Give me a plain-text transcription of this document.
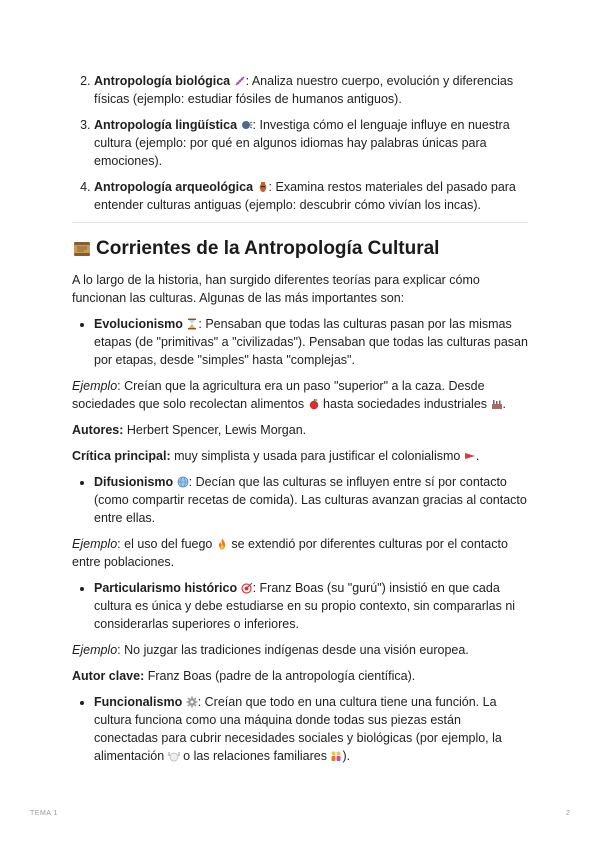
2. Antropología biológica : Analiza nuestro cuerpo, evolución y diferencias físicas (ejemplo: estudiar fósiles de humanos antiguos).
3. Antropología lingüística : Investiga cómo el lenguaje influye en nuestra cultura (ejemplo: por qué en algunos idiomas hay palabras únicas para emociones).
4. Antropología arqueológica : Examina restos materiales del pasado para entender culturas antiguas (ejemplo: descubrir cómo vivían los incas).
Corrientes de la Antropología Cultural

A lo largo de la historia, han surgido diferentes teorías para explicar cómo funcionan las culturas. Algunas de las más importantes son:

• Evolucionismo : Pensaban que todas las culturas pasan por las mismas etapas (de "primitivas" a "civilizadas"). Pensaban que todas las culturas pasan por etapas, desde "simples" hasta "complejas".

Ejemplo: Creían que la agricultura era un paso "superior" a la caza. Desde sociedades que solo recolectan alimentos  hasta sociedades industriales .

Autores: Herbert Spencer, Lewis Morgan.

Crítica principal: muy simplista y usada para justificar el colonialismo .

• Difusionismo : Decían que las culturas se influyen entre sí por contacto (como compartir recetas de comida). Las culturas avanzan gracias al contacto entre ellas.

Ejemplo: el uso del fuego  se extendió por diferentes culturas por el contacto entre poblaciones.

• Particularismo histórico : Franz Boas (su "gurú") insistió en que cada cultura es única y debe estudiarse en su propio contexto, sin compararlas ni considerarlas superiores o inferiores.

Ejemplo: No juzgar las tradiciones indígenas desde una visión europea.

Autor clave: Franz Boas (padre de la antropología científica).

• Funcionalismo : Creían que todo en una cultura tiene una función. La cultura funciona como una máquina donde todas sus piezas están conectadas para cubrir necesidades sociales y biológicas (por ejemplo, la alimentación  o las relaciones familiares ).
TEMA 1	2
